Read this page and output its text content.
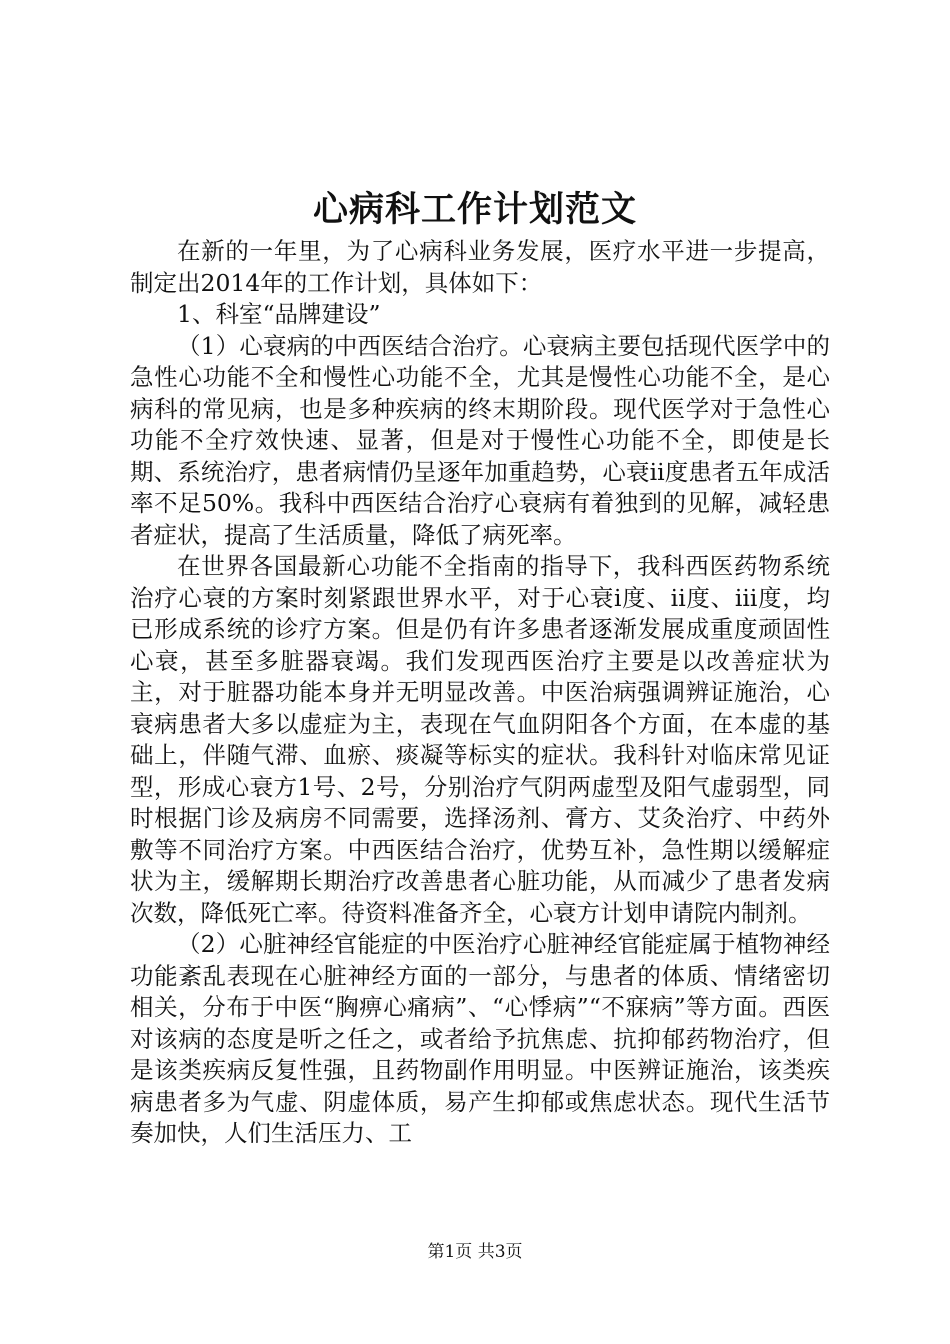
心病科工作计划范文

在新的一年里，为了心病科业务发展，医疗水平进一步提高，制定出2014年的工作计划，具体如下：

1、科室“品牌建设”

（1）心衰病的中西医结合治疗。心衰病主要包括现代医学中的急性心功能不全和慢性心功能不全，尤其是慢性心功能不全，是心病科的常见病，也是多种疾病的终末期阶段。现代医学对于急性心功能不全疗效快速、显著，但是对于慢性心功能不全，即使是长期、系统治疗，患者病情仍呈逐年加重趋势，心衰ii度患者五年成活率不足50%。我科中西医结合治疗心衰病有着独到的见解，减轻患者症状，提高了生活质量，降低了病死率。

在世界各国最新心功能不全指南的指导下，我科西医药物系统治疗心衰的方案时刻紧跟世界水平，对于心衰i度、ii度、iii度，均已形成系统的诊疗方案。但是仍有许多患者逐渐发展成重度顽固性心衰，甚至多脏器衰竭。我们发现西医治疗主要是以改善症状为主，对于脏器功能本身并无明显改善。中医治病强调辨证施治，心衰病患者大多以虚症为主，表现在气血阴阳各个方面，在本虚的基础上，伴随气滞、血瘀、痰凝等标实的症状。我科针对临床常见证型，形成心衰方1号、2号，分别治疗气阴两虚型及阳气虚弱型，同时根据门诊及病房不同需要，选择汤剂、膏方、艾灸治疗、中药外敷等不同治疗方案。中西医结合治疗，优势互补，急性期以缓解症状为主，缓解期长期治疗改善患者心脏功能，从而减少了患者发病次数，降低死亡率。待资料准备齐全，心衰方计划申请院内制剂。

（2）心脏神经官能症的中医治疗心脏神经官能症属于植物神经功能紊乱表现在心脏神经方面的一部分，与患者的体质、情绪密切相关，分布于中医“胸痹心痛病”、“心悸病”“不寐病”等方面。西医对该病的态度是听之任之，或者给予抗焦虑、抗抑郁药物治疗，但是该类疾病反复性强，且药物副作用明显。中医辨证施治，该类疾病患者多为气虚、阴虚体质，易产生抑郁或焦虑状态。现代生活节奏加快，人们生活压力、工

第1页 共3页
